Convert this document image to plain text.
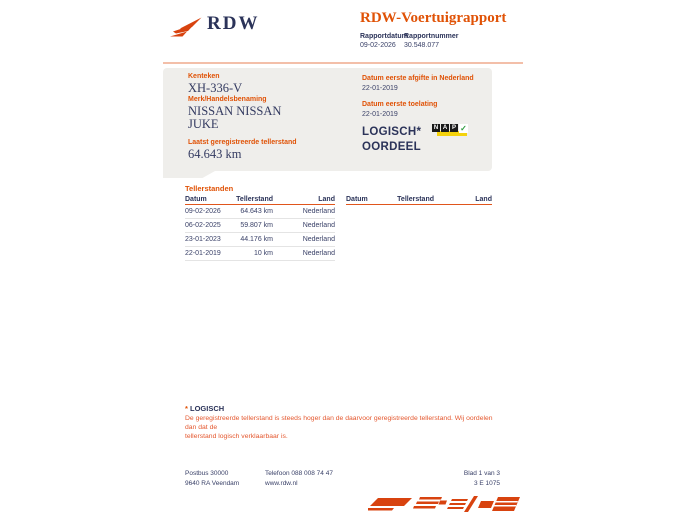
RDW	RDW-Voertuigrapport
Rapportdatum
09-02-2026
Rapportnummer
30.548.077
Kenteken
XH-336-V
Merk/Handelsbenaming
NISSAN NISSAN
JUKE
Laatst geregistreerde tellerstand
64.643 km
Datum eerste afgifte in Nederland
22-01-2019
Datum eerste toelating
22-01-2019
LOGISCH*
OORDEEL
N A P ✓
Tellerstanden
Datum	Tellerstand	Land
09-02-2026	64.643 km	Nederland
06-02-2025	59.807 km	Nederland
23-01-2023	44.176 km	Nederland
22-01-2019	10 km	Nederland
Datum	Tellerstand	Land
* LOGISCH
De geregistreerde tellerstand is steeds hoger dan de daarvoor geregistreerde tellerstand. Wij oordelen dan dat de
tellerstand logisch verklaarbaar is.
Postbus 30000
9640 RA Veendam
Telefoon 088 008 74 47
www.rdw.nl
Blad 1 van 3
3 E 1075
